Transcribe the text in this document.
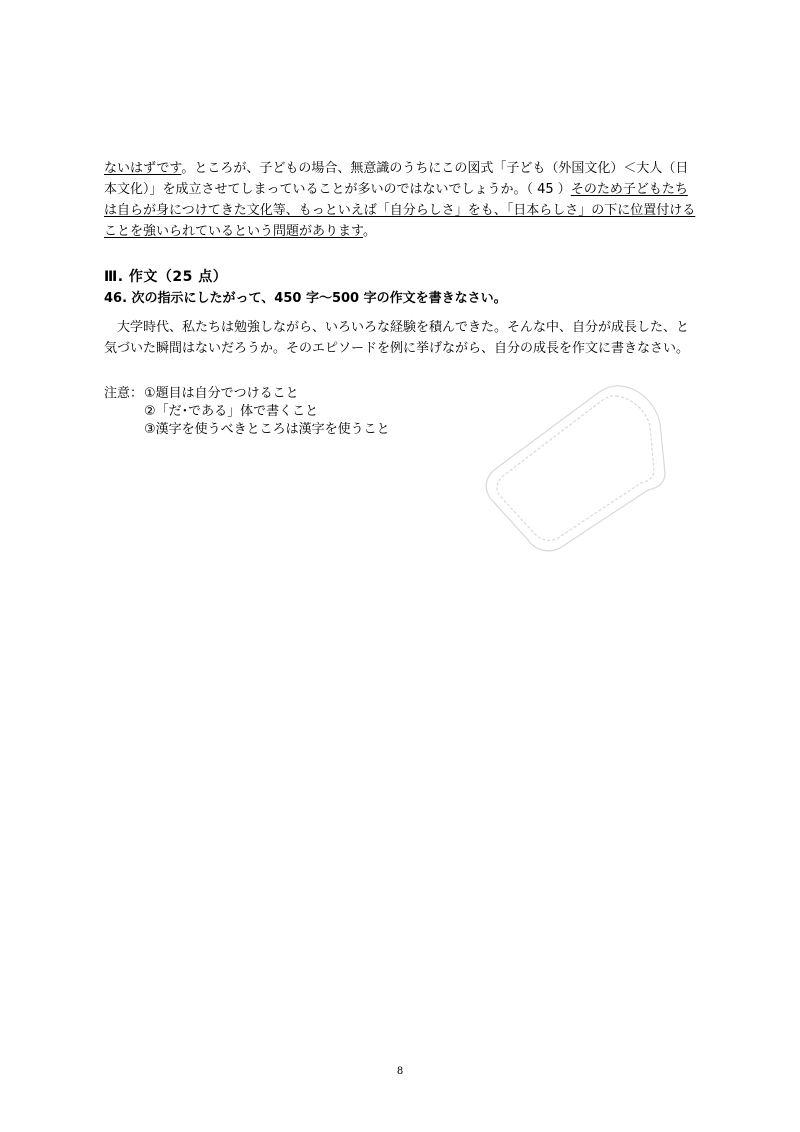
ないはずです。ところが、子どもの場合、無意識のうちにこの図式「子ども（外国文化）＜大人（日本文化）」を成立させてしまっていることが多いのではないでしょうか。（ 45 ）そのため子どもたちは自らが身につけてきた文化等、もっといえば「自分らしさ」をも、「日本らしさ」の下に位置付けることを強いられているという問題があります。

Ⅲ. 作文（25 点）
46. 次の指示にしたがって、450 字～500 字の作文を書きなさい。
大学時代、私たちは勉強しながら、いろいろな経験を積んできた。そんな中、自分が成長した、と気づいた瞬間はないだろうか。そのエピソードを例に挙げながら、自分の成長を作文に書きなさい。
注意： ①題目は自分でつけること
②「だ･である」体で書くこと
③漢字を使うべきところは漢字を使うこと
8
